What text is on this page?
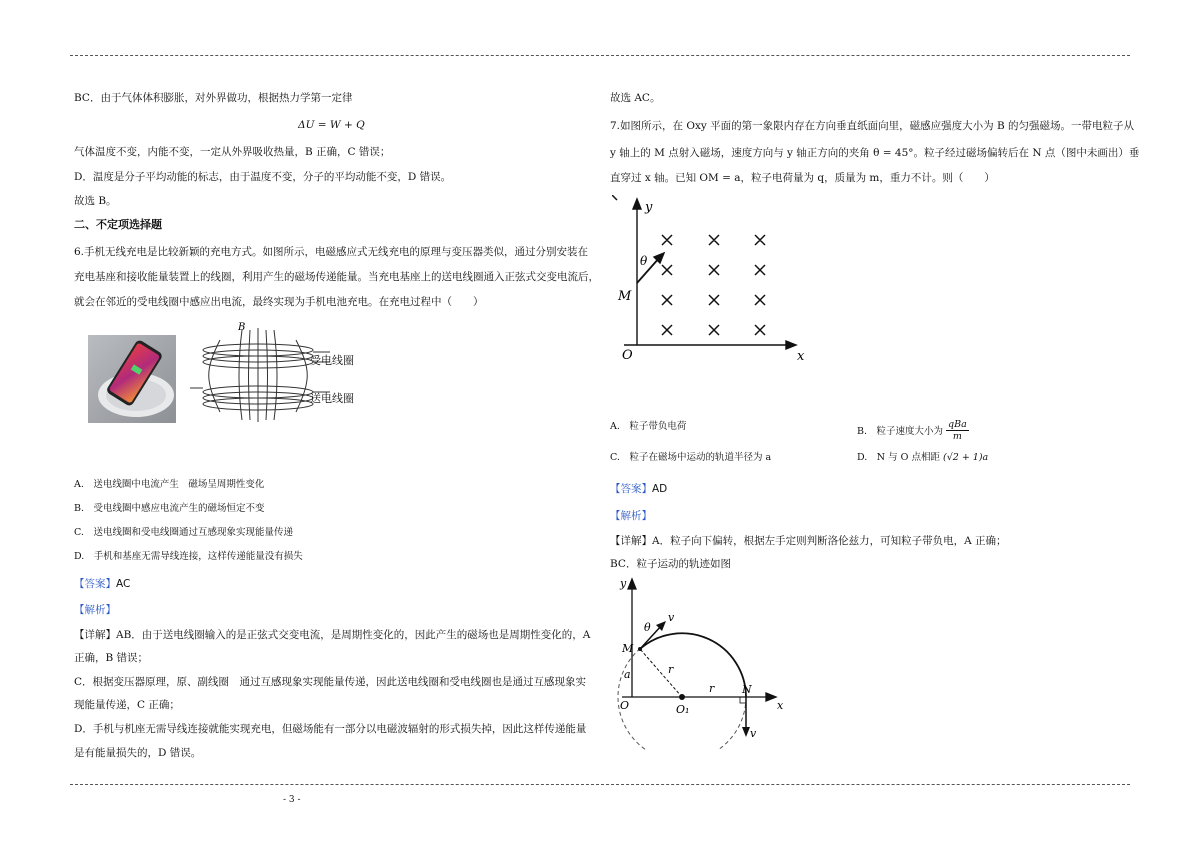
BC．由于气体体积膨胀，对外界做功，根据热力学第一定律
ΔU = W + Q
气体温度不变，内能不变，一定从外界吸收热量，B 正确，C 错误；
D．温度是分子平均动能的标志，由于温度不变，分子的平均动能不变，D 错误。
故选 B。
二、不定项选择题
6.手机无线充电是比较新颖的充电方式。如图所示，电磁感应式无线充电的原理与变压器类似，通过分别安装在
充电基座和接收能量装置上的线圈，利用产生的磁场传递能量。当充电基座上的送电线圈通入正弦式交变电流后，
就会在邻近的受电线圈中感应出电流，最终实现为手机电池充电。在充电过程中（　　）
B
受电线圈
送电线圈
A.　送电线圈中电流产生　磁场呈周期性变化
B.　受电线圈中感应电流产生的磁场恒定不变
C.　送电线圈和受电线圈通过互感现象实现能量传递
D.　手机和基座无需导线连接，这样传递能量没有损失
【答案】AC
【解析】
【详解】AB．由于送电线圈输入的是正弦式交变电流，是周期性变化的，因此产生的磁场也是周期性变化的，A
正确，B 错误；
C．根据变压器原理，原、副线圈　通过互感现象实现能量传递，因此送电线圈和受电线圈也是通过互感现象实
现能量传递，C 正确；
D．手机与机座无需导线连接就能实现充电，但磁场能有一部分以电磁波辐射的形式损失掉，因此这样传递能量
是有能量损失的，D 错误。
故选 AC。
7.如图所示，在 Oxy 平面的第一象限内存在方向垂直纸面向里，磁感应强度大小为 B 的匀强磁场。一带电粒子从
y 轴上的 M 点射入磁场，速度方向与 y 轴正方向的夹角 θ = 45°。粒子经过磁场偏转后在 N 点（图中未画出）垂
直穿过 x 轴。已知 OM = a，粒子电荷量为 q，质量为 m，重力不计。则（　　）
y
x
O
M
θ
A.　粒子带负电荷	B.　粒子速度大小为
qBa
m
C.　粒子在磁场中运动的轨道半径为 a	D.　N 与 O 点相距 (√2 + 1)a
【答案】AD
【解析】
【详解】A．粒子向下偏转，根据左手定则判断洛伦兹力，可知粒子带负电，A 正确；
BC．粒子运动的轨迹如图
y
x
O	O₁
M
N
v
v
θ
r
r
a
- 3 -
